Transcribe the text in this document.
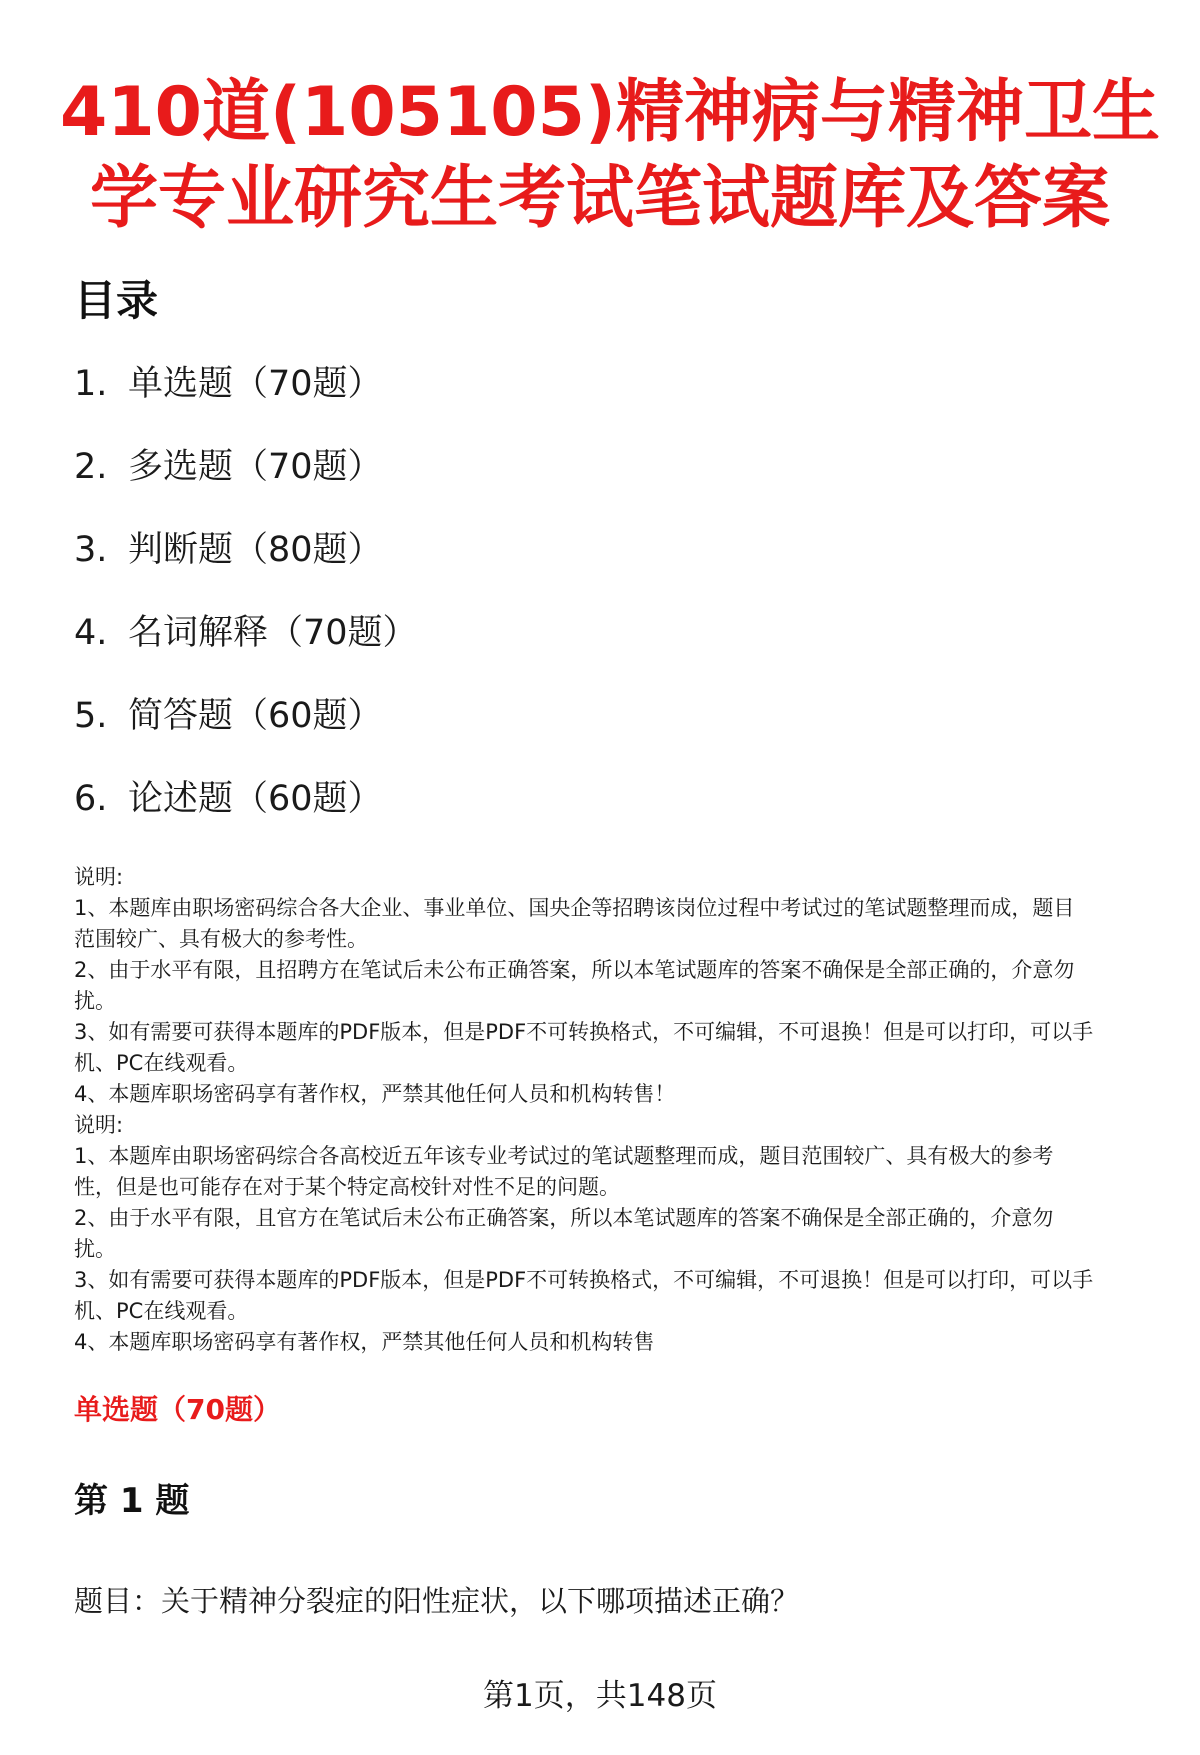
410道(105105)精神病与精神卫生
学专业研究生考试笔试题库及答案
目录
1. 单选题（70题）
2. 多选题（70题）
3. 判断题（80题）
4. 名词解释（70题）
5. 简答题（60题）
6. 论述题（60题）

说明:

1、本题库由职场密码综合各大企业、事业单位、国央企等招聘该岗位过程中考试过的笔试题整理而成，题目

范围较广、具有极大的参考性。

2、由于水平有限，且招聘方在笔试后未公布正确答案，所以本笔试题库的答案不确保是全部正确的，介意勿

扰。

3、如有需要可获得本题库的PDF版本，但是PDF不可转换格式，不可编辑，不可退换！但是可以打印，可以手

机、PC在线观看。

4、本题库职场密码享有著作权，严禁其他任何人员和机构转售！

说明:

1、本题库由职场密码综合各高校近五年该专业考试过的笔试题整理而成，题目范围较广、具有极大的参考

性，但是也可能存在对于某个特定高校针对性不足的问题。

2、由于水平有限，且官方在笔试后未公布正确答案，所以本笔试题库的答案不确保是全部正确的，介意勿

扰。

3、如有需要可获得本题库的PDF版本，但是PDF不可转换格式，不可编辑，不可退换！但是可以打印，可以手

机、PC在线观看。

4、本题库职场密码享有著作权，严禁其他任何人员和机构转售

单选题（70题）
第 1 题

题目：关于精神分裂症的阳性症状，以下哪项描述正确？

第1页，共148页
